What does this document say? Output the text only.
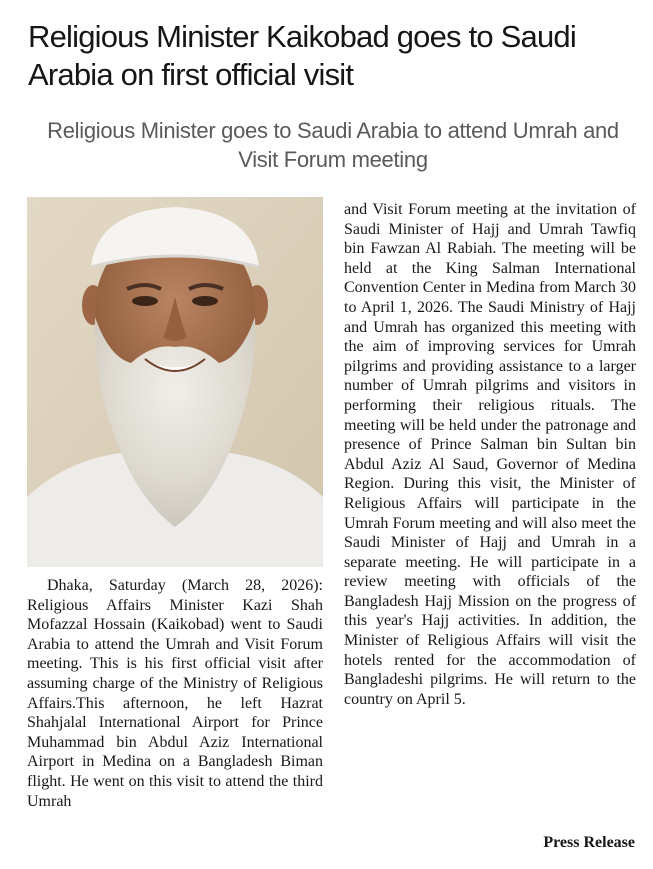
Religious Minister Kaikobad goes to Saudi Arabia on first official visit
Religious Minister goes to Saudi Arabia to attend Umrah and Visit Forum meeting

Dhaka, Saturday (March 28, 2026): Religious Affairs Minister Kazi Shah Mofazzal Hossain (Kaikobad) went to Saudi Arabia to attend the Umrah and Visit Forum meeting. This is his first official visit after assuming charge of the Ministry of Religious Affairs.This afternoon, he left Hazrat Shahjalal International Airport for Prince Muhammad bin Abdul Aziz International Airport in Medina on a Bangladesh Biman flight. He went on this visit to attend the third Umrah

and Visit Forum meeting at the invitation of Saudi Minister of Hajj and Umrah Tawfiq bin Fawzan Al Rabiah. The meeting will be held at the King Salman International Convention Center in Medina from March 30 to April 1, 2026. The Saudi Ministry of Hajj and Umrah has organized this meeting with the aim of improving services for Umrah pilgrims and providing assistance to a larger number of Umrah pilgrims and visitors in performing their religious rituals. The meeting will be held under the patronage and presence of Prince Salman bin Sultan bin Abdul Aziz Al Saud, Governor of Medina Region. During this visit, the Minister of Religious Affairs will participate in the Umrah Forum meeting and will also meet the Saudi Minister of Hajj and Umrah in a separate meeting. He will participate in a review meeting with officials of the Bangladesh Hajj Mission on the progress of this year's Hajj activities. In addition, the Minister of Religious Affairs will visit the hotels rented for the accommodation of Bangladeshi pilgrims. He will return to the country on April 5.

Press Release
